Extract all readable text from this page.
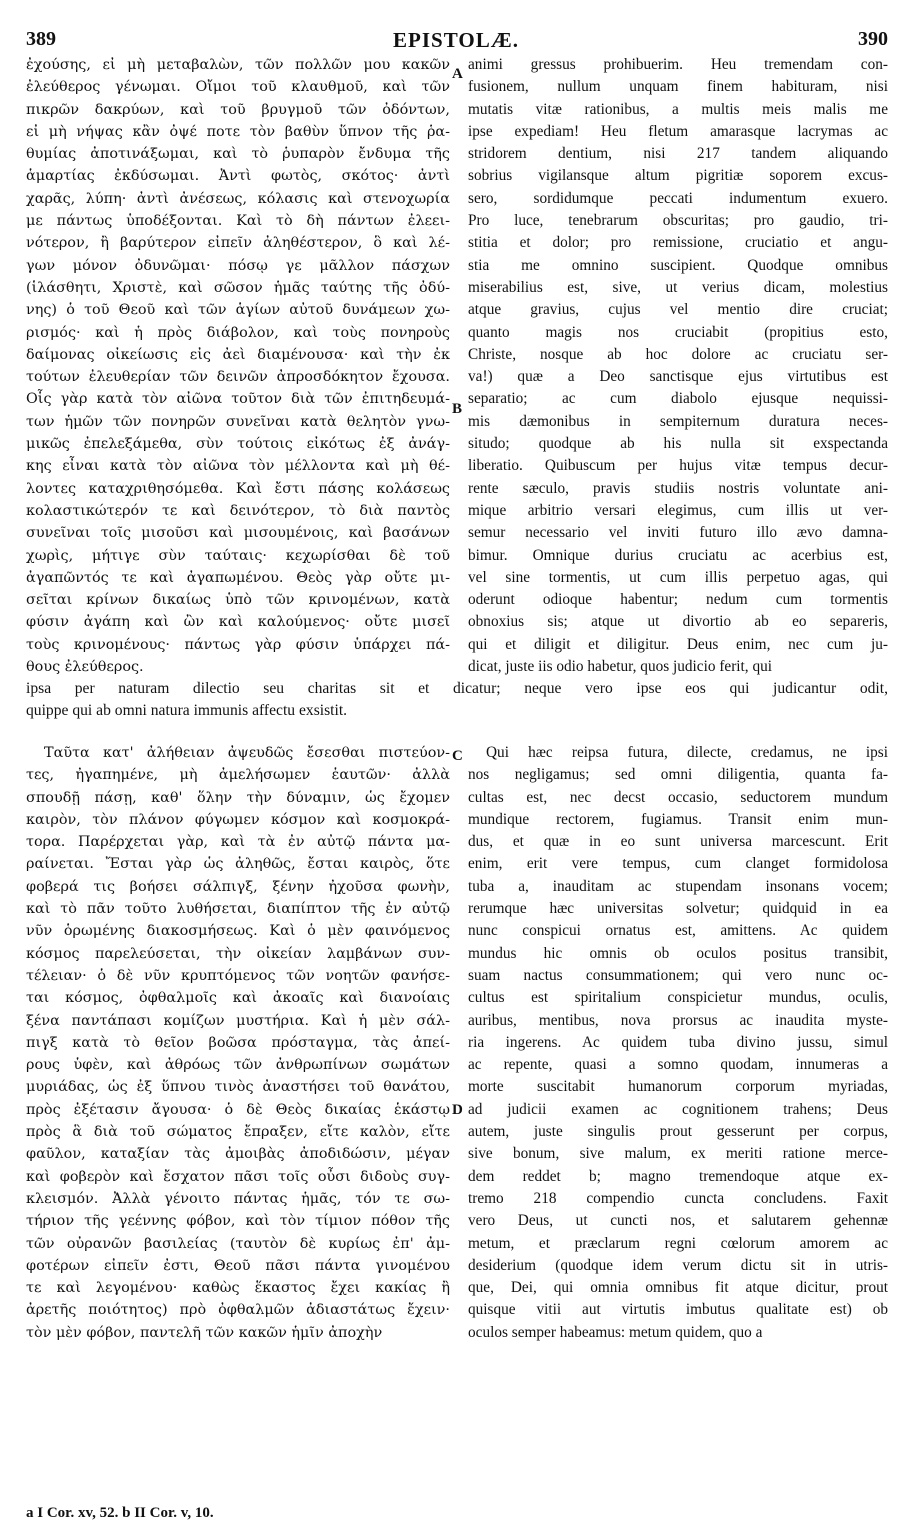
389	EPISTOLÆ.	390
ἐχούσης, εἰ μὴ μεταβαλὼν, τῶν πολλῶν μου κακῶν
ἐλεύθερος γένωμαι. Οἴμοι τοῦ κλαυθμοῦ, καὶ τῶν
πικρῶν δακρύων, καὶ τοῦ βρυγμοῦ τῶν ὀδόντων,
εἰ μὴ νήψας κἂν ὀψέ ποτε τὸν βαθὺν ὕπνον τῆς ῥα-
θυμίας ἀποτινάξωμαι, καὶ τὸ ῥυπαρὸν ἔνδυμα τῆς
ἁμαρτίας ἐκδύσωμαι. Ἀντὶ φωτὸς, σκότος· ἀντὶ
χαρᾶς, λύπη· ἀντὶ ἀνέσεως, κόλασις καὶ στενοχωρία
με πάντως ὑποδέξονται. Καὶ τὸ δὴ πάντων ἐλεει-
νότερον, ἢ βαρύτερον εἰπεῖν ἀληθέστερον, ὃ καὶ λέ-
γων μόνον ὀδυνῶμαι· πόσῳ γε μᾶλλον πάσχων
(ἱλάσθητι, Χριστὲ, καὶ σῶσον ἡμᾶς ταύτης τῆς ὀδύ-
νης) ὁ τοῦ Θεοῦ καὶ τῶν ἁγίων αὐτοῦ δυνάμεων χω-
ρισμός· καὶ ἡ πρὸς διάβολον, καὶ τοὺς πονηροὺς
δαίμονας οἰκείωσις εἰς ἀεὶ διαμένουσα· καὶ τὴν ἐκ
τούτων ἐλευθερίαν τῶν δεινῶν ἀπροσδόκητον ἔχουσα.
Οἷς γὰρ κατὰ τὸν αἰῶνα τοῦτον διὰ τῶν ἐπιτηδευμά-
των ἡμῶν τῶν πονηρῶν συνεῖναι κατὰ θελητὸν γνω-
μικῶς ἐπελεξάμεθα, σὺν τούτοις εἰκότως ἐξ ἀνάγ-
κης εἶναι κατὰ τὸν αἰῶνα τὸν μέλλοντα καὶ μὴ θέ-
λοντες καταχριθησόμεθα. Καὶ ἔστι πάσης κολάσεως
κολαστικώτερόν τε καὶ δεινότερον, τὸ διὰ παντὸς
συνεῖναι τοῖς μισοῦσι καὶ μισουμένοις, καὶ βασάνων
χωρὶς, μήτιγε σὺν ταύταις· κεχωρίσθαι δὲ τοῦ
ἀγαπῶντός τε καὶ ἀγαπωμένου. Θεὸς γὰρ οὔτε μι-
σεῖται κρίνων δικαίως ὑπὸ τῶν κρινομένων, κατὰ
φύσιν ἀγάπη καὶ ὢν καὶ καλούμενος· οὔτε μισεῖ
τοὺς κρινομένους· πάντως γὰρ φύσιν ὑπάρχει πά-
θους ἐλεύθερος.
animi gressus prohibuerim. Heu tremendam con-
fusionem, nullum unquam finem habituram, nisi
mutatis vitæ rationibus, a multis meis malis me
ipse expediam! Heu fletum amarasque lacrymas ac
stridorem dentium, nisi 217 tandem aliquando
sobrius vigilansque altum pigritiæ soporem excus-
sero, sordidumque peccati indumentum exuero.
Pro luce, tenebrarum obscuritas; pro gaudio, tri-
stitia et dolor; pro remissione, cruciatio et angu-
stia me omnino suscipient. Quodque omnibus
miserabilius est, sive, ut verius dicam, molestius
atque gravius, cujus vel mentio dire cruciat;
quanto magis nos cruciabit (propitius esto,
Christe, nosque ab hoc dolore ac cruciatu ser-
va!) quæ a Deo sanctisque ejus virtutibus est
separatio; ac cum diabolo ejusque nequissi-
mis dæmonibus in sempiternum duratura neces-
situdo; quodque ab his nulla sit exspectanda
liberatio. Quibuscum per hujus vitæ tempus decur-
rente sæculo, pravis studiis nostris voluntate ani-
mique arbitrio versari elegimus, cum illis ut ver-
semur necessario vel inviti futuro illo ævo damna-
bimur. Omnique durius cruciatu ac acerbius est,
vel sine tormentis, ut cum illis perpetuo agas, qui
oderunt odioque habentur; nedum cum tormentis
obnoxius sis; atque ut divortio ab eo separeris,
qui et diligit et diligitur. Deus enim, nec cum ju-
dicat, juste iis odio habetur, quos judicio ferit, qui
A
B
ipsa per naturam dilectio seu charitas sit et dicatur; neque vero ipse eos qui judicantur odit,
quippe qui ab omni natura immunis affectu exsistit.
C
D
Ταῦτα κατ' ἀλήθειαν ἀψευδῶς ἔσεσθαι πιστεύον-
τες, ἠγαπημένε, μὴ ἀμελήσωμεν ἑαυτῶν· ἀλλὰ
σπουδῇ πάσῃ, καθ' ὅλην τὴν δύναμιν, ὡς ἔχομεν
καιρὸν, τὸν πλάνον φύγωμεν κόσμον καὶ κοσμοκρά-
τορα. Παρέρχεται γὰρ, καὶ τὰ ἐν αὐτῷ πάντα μα-
ραίνεται. Ἔσται γὰρ ὡς ἀληθῶς, ἔσται καιρὸς, ὅτε
φοβερά τις βοήσει σάλπιγξ, ξένην ἠχοῦσα φωνὴν,
καὶ τὸ πᾶν τοῦτο λυθήσεται, διαπίπτον τῆς ἐν αὐτῷ
νῦν ὁρωμένης διακοσμήσεως. Καὶ ὁ μὲν φαινόμενος
κόσμος παρελεύσεται, τὴν οἰκείαν λαμβάνων συν-
τέλειαν· ὁ δὲ νῦν κρυπτόμενος τῶν νοητῶν φανήσε-
ται κόσμος, ὀφθαλμοῖς καὶ ἀκοαῖς καὶ διανοίαις
ξένα παντάπασι κομίζων μυστήρια. Καὶ ἡ μὲν σάλ-
πιγξ κατὰ τὸ θεῖον βοῶσα πρόσταγμα, τὰς ἀπεί-
ρους ὑφὲν, καὶ ἀθρόως τῶν ἀνθρωπίνων σωμάτων
μυριάδας, ὡς ἐξ ὕπνου τινὸς ἀναστήσει τοῦ θανάτου,
πρὸς ἐξέτασιν ἄγουσα· ὁ δὲ Θεὸς δικαίας ἑκάστῳ
πρὸς ἃ διὰ τοῦ σώματος ἔπραξεν, εἴτε καλὸν, εἴτε
φαῦλον, καταξίαν τὰς ἀμοιβὰς ἀποδιδώσιν, μέγαν
καὶ φοβερὸν καὶ ἔσχατον πᾶσι τοῖς οὖσι διδοὺς συγ-
κλεισμόν. Ἀλλὰ γένοιτο πάντας ἡμᾶς, τόν τε σω-
τήριον τῆς γεέννης φόβον, καὶ τὸν τίμιον πόθον τῆς
τῶν οὐρανῶν βασιλείας (ταυτὸν δὲ κυρίως ἐπ' ἀμ-
φοτέρων εἰπεῖν ἐστι, Θεοῦ πᾶσι πάντα γινομένου
τε καὶ λεγομένου· καθὼς ἕκαστος ἔχει κακίας ἢ
ἀρετῆς ποιότητος) πρὸ ὀφθαλμῶν ἀδιαστάτως ἔχειν·
τὸν μὲν φόβον, παντελῆ τῶν κακῶν ἡμῖν ἀποχὴν
Qui hæc reipsa futura, dilecte, credamus, ne ipsi
nos negligamus; sed omni diligentia, quanta fa-
cultas est, nec decst occasio, seductorem mundum
mundique rectorem, fugiamus. Transit enim mun-
dus, et quæ in eo sunt universa marcescunt. Erit
enim, erit vere tempus, cum clanget formidolosa
tuba a, inauditam ac stupendam insonans vocem;
rerumque hæc universitas solvetur; quidquid in ea
nunc conspicui ornatus est, amittens. Ac quidem
mundus hic omnis ob oculos positus transibit,
suam nactus consummationem; qui vero nunc oc-
cultus est spiritalium conspicietur mundus, oculis,
auribus, mentibus, nova prorsus ac inaudita myste-
ria ingerens. Ac quidem tuba divino jussu, simul
ac repente, quasi a somno quodam, innumeras a
morte suscitabit humanorum corporum myriadas,
ad judicii examen ac cognitionem trahens; Deus
autem, juste singulis prout gesserunt per corpus,
sive bonum, sive malum, ex meriti ratione merce-
dem reddet b; magno tremendoque atque ex-
tremo 218 compendio cuncta concludens. Faxit
vero Deus, ut cuncti nos, et salutarem gehennæ
metum, et præclarum regni cœlorum amorem ac
desiderium (quodque idem verum dictu sit in utris-
que, Dei, qui omnia omnibus fit atque dicitur, prout
quisque vitii aut virtutis imbutus qualitate est) ob
oculos semper habeamus: metum quidem, quo a
a I Cor. xv, 52. b II Cor. v, 10.
